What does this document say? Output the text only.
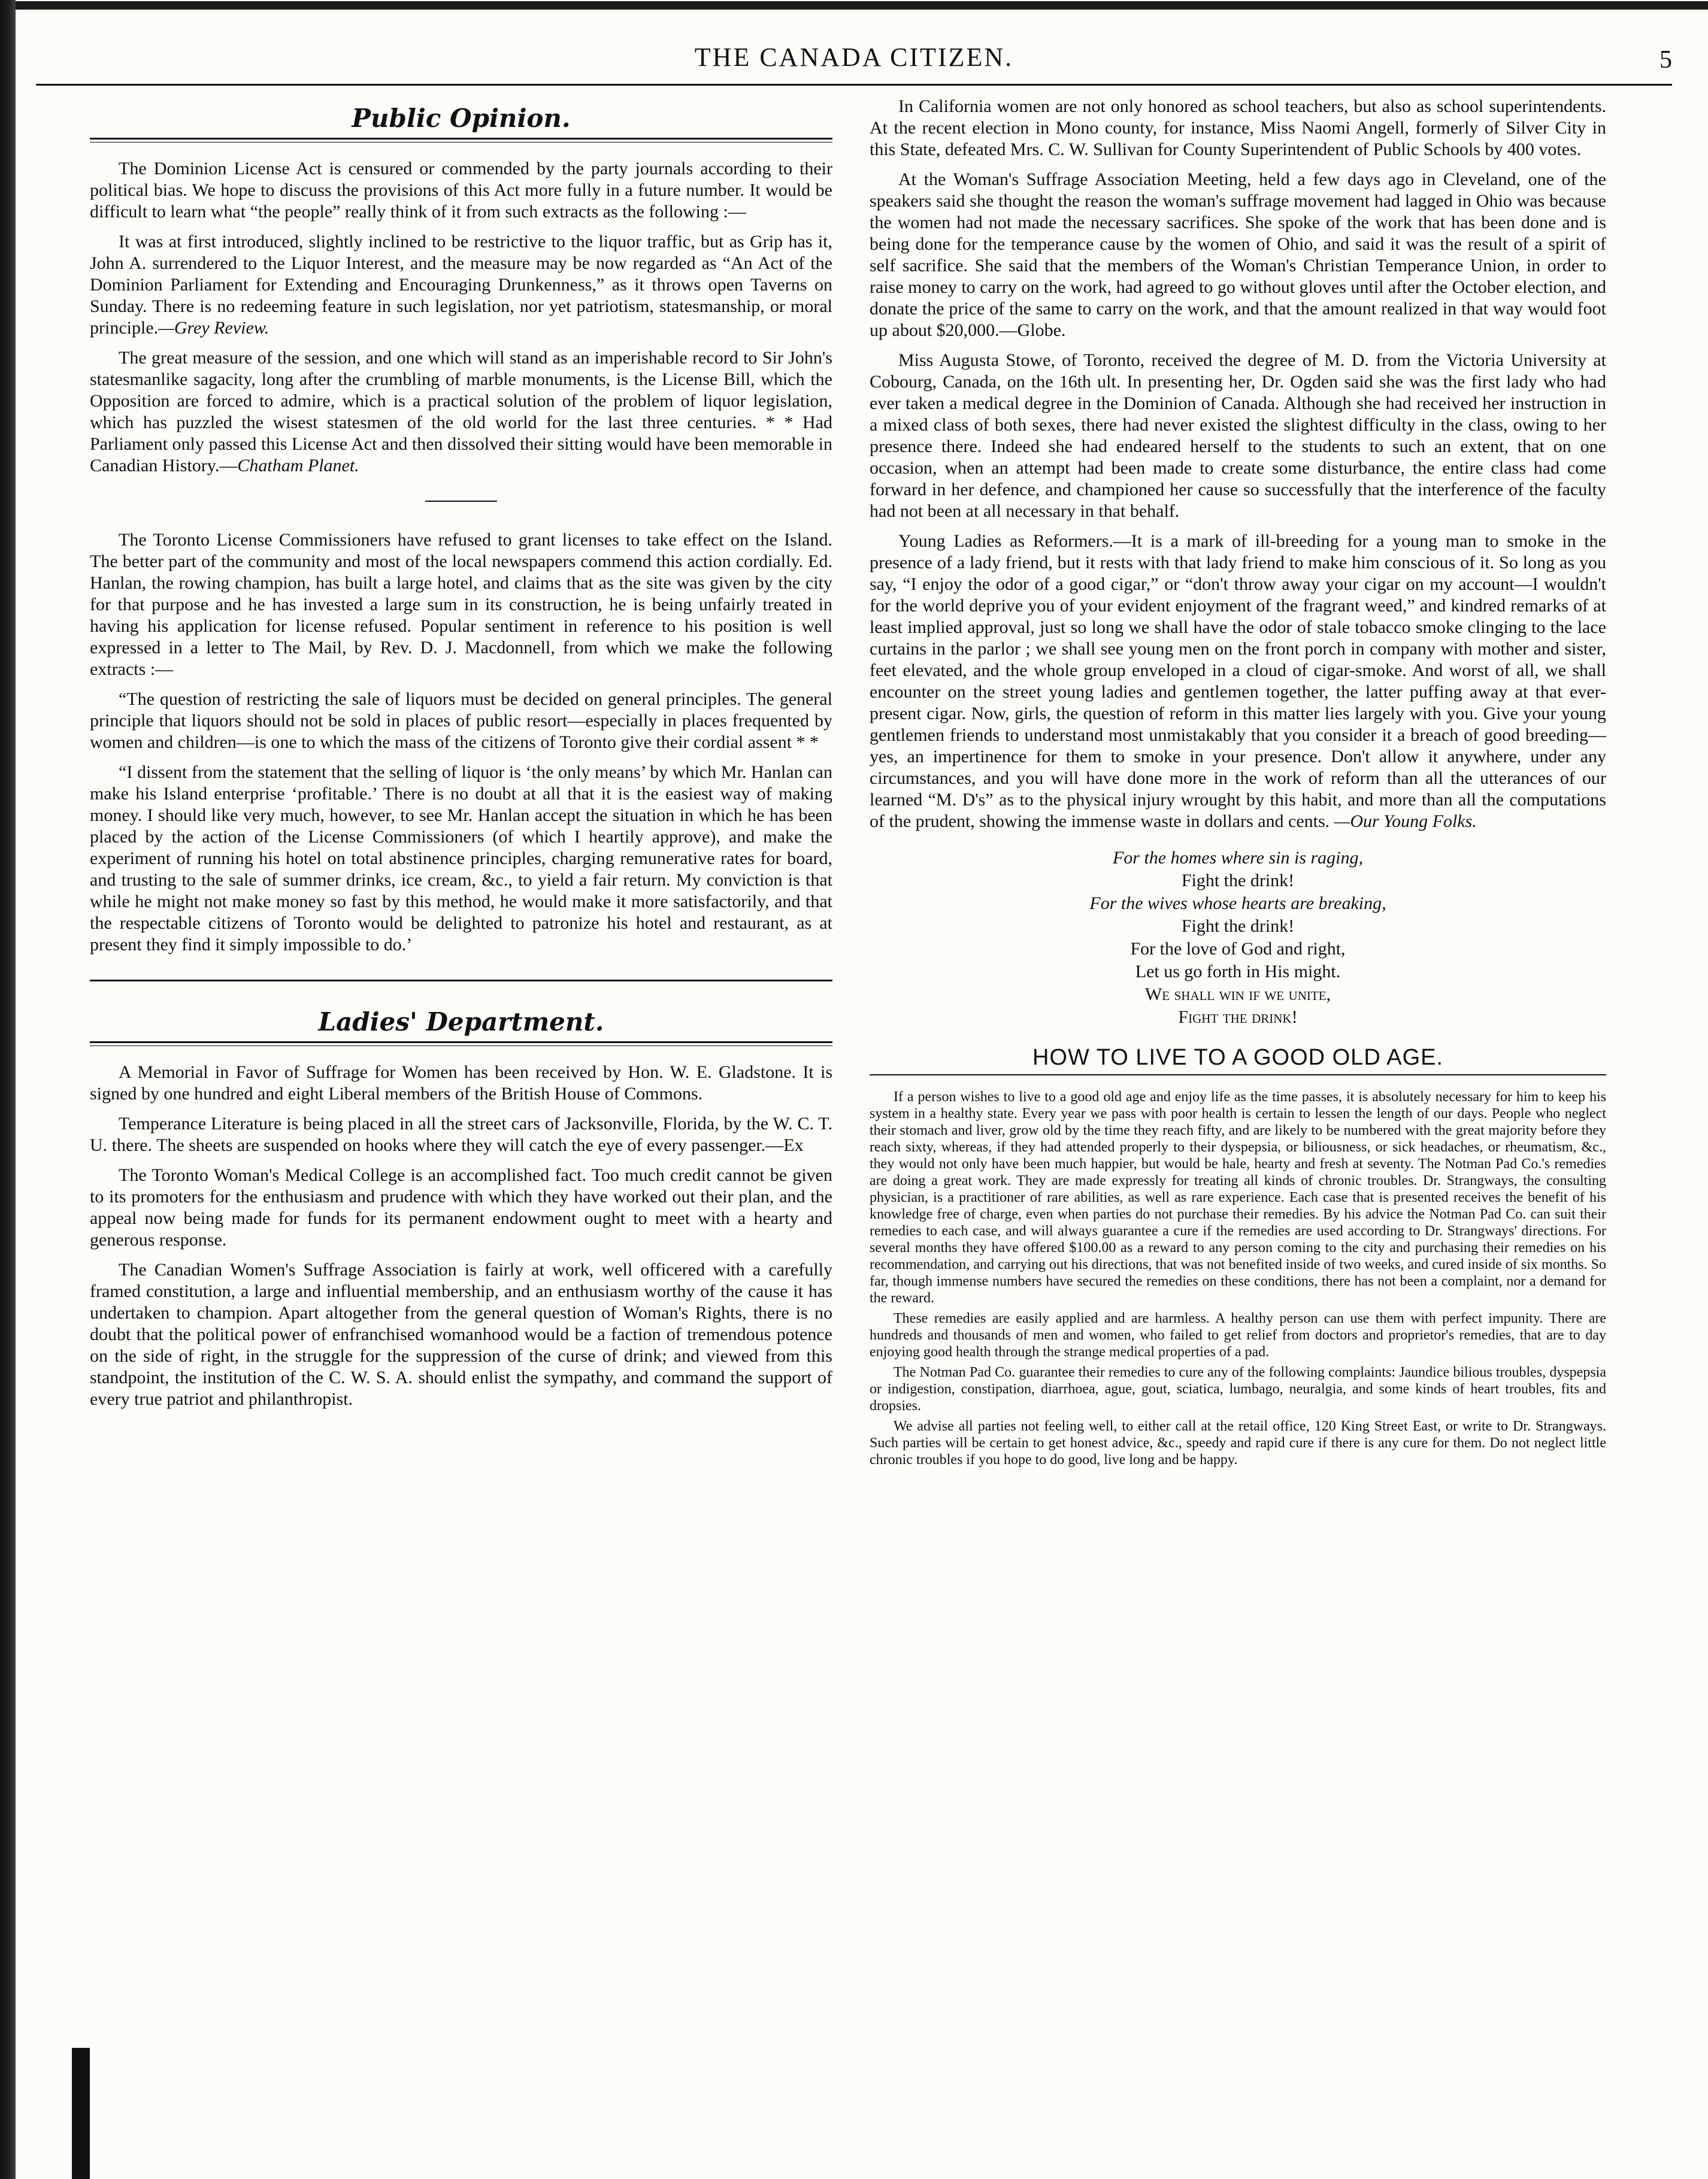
THE CANADA CITIZEN.	5
Public Opinion.

The Dominion License Act is censured or commended by the party journals according to their political bias. We hope to discuss the provisions of this Act more fully in a future number. It would be difficult to learn what “the people” really think of it from such extracts as the following :—

It was at first introduced, slightly inclined to be restrictive to the liquor traffic, but as Grip has it, John A. surrendered to the Liquor Interest, and the measure may be now regarded as “An Act of the Dominion Parliament for Extending and Encouraging Drunkenness,” as it throws open Taverns on Sunday. There is no redeeming feature in such legislation, nor yet patriotism, statesmanship, or moral principle.—Grey Review.

The great measure of the session, and one which will stand as an imperishable record to Sir John's statesmanlike sagacity, long after the crumbling of marble monuments, is the License Bill, which the Opposition are forced to admire, which is a practical solution of the problem of liquor legislation, which has puzzled the wisest statesmen of the old world for the last three centuries. * * Had Parliament only passed this License Act and then dissolved their sitting would have been memorable in Canadian History.—Chatham Planet.

The Toronto License Commissioners have refused to grant licenses to take effect on the Island. The better part of the community and most of the local newspapers commend this action cordially. Ed. Hanlan, the rowing champion, has built a large hotel, and claims that as the site was given by the city for that purpose and he has invested a large sum in its construction, he is being unfairly treated in having his application for license refused. Popular sentiment in reference to his position is well expressed in a letter to The Mail, by Rev. D. J. Macdonnell, from which we make the following extracts :—

“The question of restricting the sale of liquors must be decided on general principles. The general principle that liquors should not be sold in places of public resort—especially in places frequented by women and children—is one to which the mass of the citizens of Toronto give their cordial assent * *

“I dissent from the statement that the selling of liquor is ‘the only means’ by which Mr. Hanlan can make his Island enterprise ‘profitable.’ There is no doubt at all that it is the easiest way of making money. I should like very much, however, to see Mr. Hanlan accept the situation in which he has been placed by the action of the License Commissioners (of which I heartily approve), and make the experiment of running his hotel on total abstinence principles, charging remunerative rates for board, and trusting to the sale of summer drinks, ice cream, &c., to yield a fair return. My conviction is that while he might not make money so fast by this method, he would make it more satisfactorily, and that the respectable citizens of Toronto would be delighted to patronize his hotel and restaurant, as at present they find it simply impossible to do.’

Ladies' Department.

A Memorial in Favor of Suffrage for Women has been received by Hon. W. E. Gladstone. It is signed by one hundred and eight Liberal members of the British House of Commons.

Temperance Literature is being placed in all the street cars of Jacksonville, Florida, by the W. C. T. U. there. The sheets are suspended on hooks where they will catch the eye of every passenger.—Ex

The Toronto Woman's Medical College is an accomplished fact. Too much credit cannot be given to its promoters for the enthusiasm and prudence with which they have worked out their plan, and the appeal now being made for funds for its permanent endowment ought to meet with a hearty and generous response.

The Canadian Women's Suffrage Association is fairly at work, well officered with a carefully framed constitution, a large and influential membership, and an enthusiasm worthy of the cause it has undertaken to champion. Apart altogether from the general question of Woman's Rights, there is no doubt that the political power of enfranchised womanhood would be a faction of tremendous potence on the side of right, in the struggle for the suppression of the curse of drink; and viewed from this standpoint, the institution of the C. W. S. A. should enlist the sympathy, and command the support of every true patriot and philanthropist.

In California women are not only honored as school teachers, but also as school superintendents. At the recent election in Mono county, for instance, Miss Naomi Angell, formerly of Silver City in this State, defeated Mrs. C. W. Sullivan for County Superintendent of Public Schools by 400 votes.

At the Woman's Suffrage Association Meeting, held a few days ago in Cleveland, one of the speakers said she thought the reason the woman's suffrage movement had lagged in Ohio was because the women had not made the necessary sacrifices. She spoke of the work that has been done and is being done for the temperance cause by the women of Ohio, and said it was the result of a spirit of self sacrifice. She said that the members of the Woman's Christian Temperance Union, in order to raise money to carry on the work, had agreed to go without gloves until after the October election, and donate the price of the same to carry on the work, and that the amount realized in that way would foot up about $20,000.—Globe.

Miss Augusta Stowe, of Toronto, received the degree of M. D. from the Victoria University at Cobourg, Canada, on the 16th ult. In presenting her, Dr. Ogden said she was the first lady who had ever taken a medical degree in the Dominion of Canada. Although she had received her instruction in a mixed class of both sexes, there had never existed the slightest difficulty in the class, owing to her presence there. Indeed she had endeared herself to the students to such an extent, that on one occasion, when an attempt had been made to create some disturbance, the entire class had come forward in her defence, and championed her cause so successfully that the interference of the faculty had not been at all necessary in that behalf.

Young Ladies as Reformers.—It is a mark of ill-breeding for a young man to smoke in the presence of a lady friend, but it rests with that lady friend to make him conscious of it. So long as you say, “I enjoy the odor of a good cigar,” or “don't throw away your cigar on my account—I wouldn't for the world deprive you of your evident enjoyment of the fragrant weed,” and kindred remarks of at least implied approval, just so long we shall have the odor of stale tobacco smoke clinging to the lace curtains in the parlor ; we shall see young men on the front porch in company with mother and sister, feet elevated, and the whole group enveloped in a cloud of cigar-smoke. And worst of all, we shall encounter on the street young ladies and gentlemen together, the latter puffing away at that ever-present cigar. Now, girls, the question of reform in this matter lies largely with you. Give your young gentlemen friends to understand most unmistakably that you consider it a breach of good breeding— yes, an impertinence for them to smoke in your presence. Don't allow it anywhere, under any circumstances, and you will have done more in the work of reform than all the utterances of our learned “M. D's” as to the physical injury wrought by this habit, and more than all the computations of the prudent, showing the immense waste in dollars and cents. —Our Young Folks.

For the homes where sin is raging,
Fight the drink!
For the wives whose hearts are breaking,
Fight the drink!
For the love of God and right,
Let us go forth in His might.
We shall win if we unite,
Fight the drink!
HOW TO LIVE TO A GOOD OLD AGE.

If a person wishes to live to a good old age and enjoy life as the time passes, it is absolutely necessary for him to keep his system in a healthy state. Every year we pass with poor health is certain to lessen the length of our days. People who neglect their stomach and liver, grow old by the time they reach fifty, and are likely to be numbered with the great majority before they reach sixty, whereas, if they had attended properly to their dyspepsia, or biliousness, or sick headaches, or rheumatism, &c., they would not only have been much happier, but would be hale, hearty and fresh at seventy. The Notman Pad Co.'s remedies are doing a great work. They are made expressly for treating all kinds of chronic troubles. Dr. Strangways, the consulting physician, is a practitioner of rare abilities, as well as rare experience. Each case that is presented receives the benefit of his knowledge free of charge, even when parties do not purchase their remedies. By his advice the Notman Pad Co. can suit their remedies to each case, and will always guarantee a cure if the remedies are used according to Dr. Strangways' directions. For several months they have offered $100.00 as a reward to any person coming to the city and purchasing their remedies on his recommendation, and carrying out his directions, that was not benefited inside of two weeks, and cured inside of six months. So far, though immense numbers have secured the remedies on these conditions, there has not been a complaint, nor a demand for the reward.

These remedies are easily applied and are harmless. A healthy person can use them with perfect impunity. There are hundreds and thousands of men and women, who failed to get relief from doctors and proprietor's remedies, that are to day enjoying good health through the strange medical properties of a pad.

The Notman Pad Co. guarantee their remedies to cure any of the following complaints: Jaundice bilious troubles, dyspepsia or indigestion, constipation, diarrhoea, ague, gout, sciatica, lumbago, neuralgia, and some kinds of heart troubles, fits and dropsies.

We advise all parties not feeling well, to either call at the retail office, 120 King Street East, or write to Dr. Strangways. Such parties will be certain to get honest advice, &c., speedy and rapid cure if there is any cure for them. Do not neglect little chronic troubles if you hope to do good, live long and be happy.
